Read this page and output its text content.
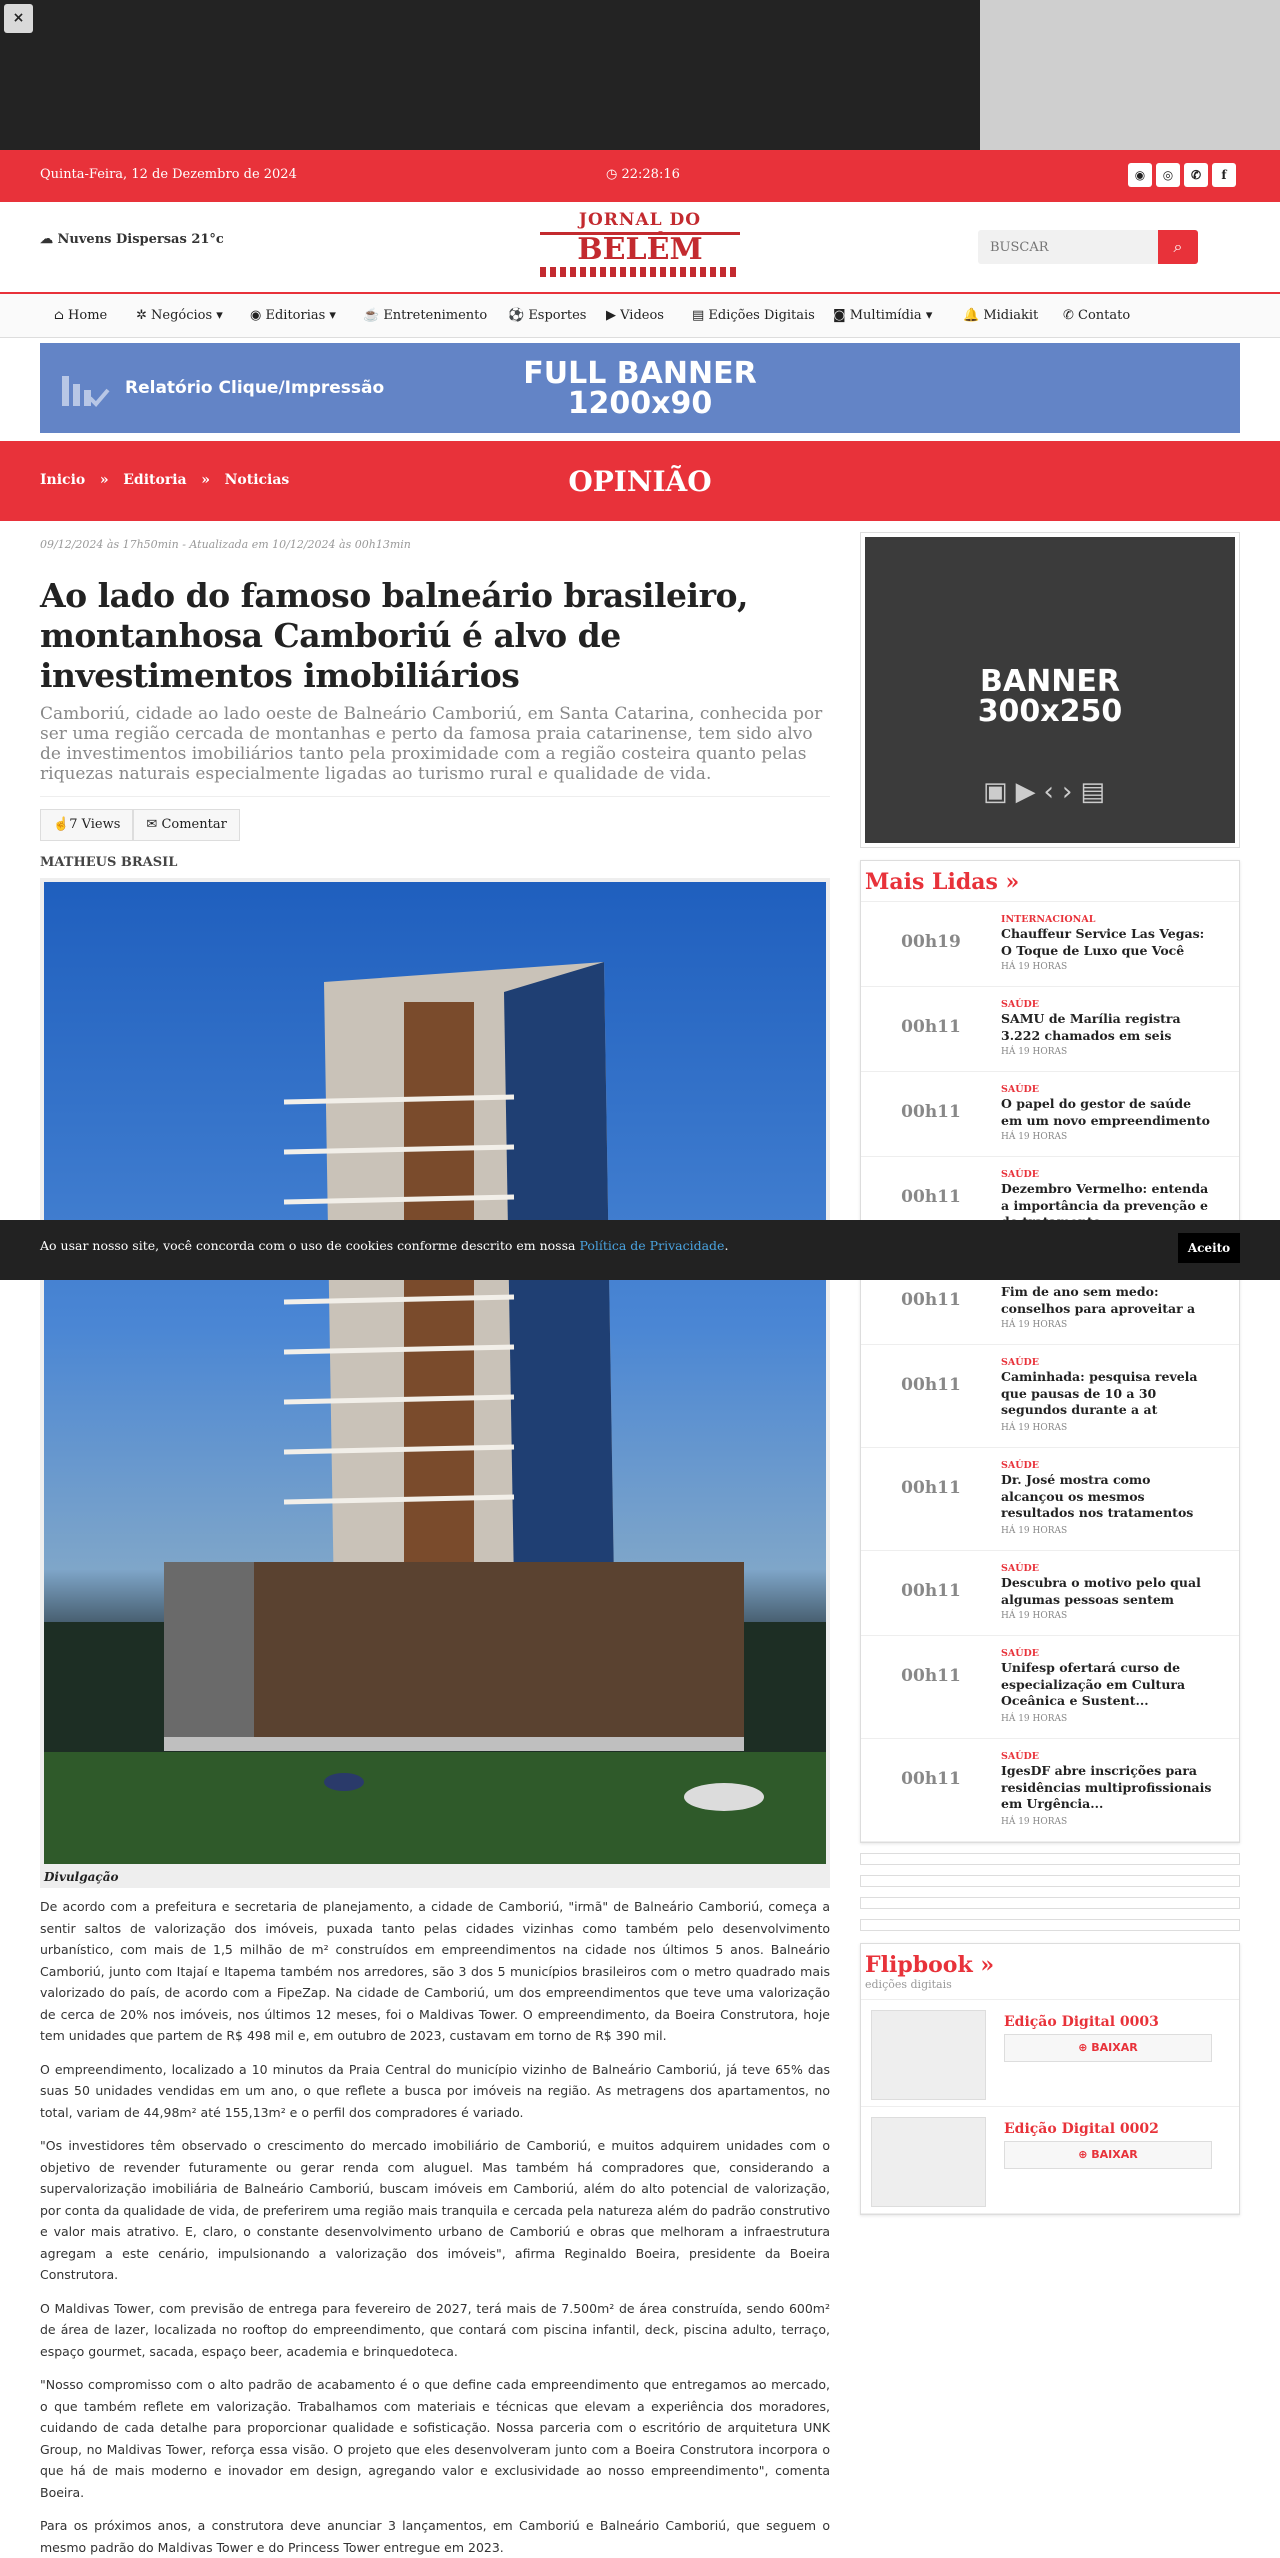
×
Quinta-Feira, 12 de Dezembro de 2024	◷ 22:28:16	◉	◎	✆	f
☁ Nuvens Dispersas 21°c
JORNAL DO
BELÉM
BUSCAR	⌕
⌂ Home ✲ Negócios ▾ ◉ Editorias ▾ ☕ Entretenimento ⚽ Esportes ▶ Videos ▤ Edições Digitais ◙ Multimídia ▾ 🔔 Midiakit ✆ Contato
Relatório Clique/Impressão	FULL BANNER
1200x90
Inicio   »   Editoria   »   Noticias	OPINIÃO
09/12/2024 às 17h50min - Atualizada em 10/12/2024 às 00h13min
Ao lado do famoso balneário brasileiro, montanhosa Camboriú é alvo de investimentos imobiliários
Camboriú, cidade ao lado oeste de Balneário Camboriú, em Santa Catarina, conhecida por ser uma região cercada de montanhas e perto da famosa praia catarinense, tem sido alvo de investimentos imobiliários tanto pela proximidade com a região costeira quanto pelas riquezas naturais especialmente ligadas ao turismo rural e qualidade de vida.
☝7 Views	✉ Comentar
MATHEUS BRASIL
Divulgação

De acordo com a prefeitura e secretaria de planejamento, a cidade de Camboriú, "irmã" de Balneário Camboriú, começa a sentir saltos de valorização dos imóveis, puxada tanto pelas cidades vizinhas como também pelo desenvolvimento urbanístico, com mais de 1,5 milhão de m² construídos em empreendimentos na cidade nos últimos 5 anos. Balneário Camboriú, junto com Itajaí e Itapema também nos arredores, são 3 dos 5 municípios brasileiros com o metro quadrado mais valorizado do país, de acordo com a FipeZap. Na cidade de Camboriú, um dos empreendimentos que teve uma valorização de cerca de 20% nos imóveis, nos últimos 12 meses, foi o Maldivas Tower. O empreendimento, da Boeira Construtora, hoje tem unidades que partem de R$ 498 mil e, em outubro de 2023, custavam em torno de R$ 390 mil.

O empreendimento, localizado a 10 minutos da Praia Central do município vizinho de Balneário Camboriú, já teve 65% das suas 50 unidades vendidas em um ano, o que reflete a busca por imóveis na região. As metragens dos apartamentos, no total, variam de 44,98m² até 155,13m² e o perfil dos compradores é variado.

"Os investidores têm observado o crescimento do mercado imobiliário de Camboriú, e muitos adquirem unidades com o objetivo de revender futuramente ou gerar renda com aluguel. Mas também há compradores que, considerando a supervalorização imobiliária de Balneário Camboriú, buscam imóveis em Camboriú, além do alto potencial de valorização, por conta da qualidade de vida, de preferirem uma região mais tranquila e cercada pela natureza além do padrão construtivo e valor mais atrativo. E, claro, o constante desenvolvimento urbano de Camboriú e obras que melhoram a infraestrutura agregam a este cenário, impulsionando a valorização dos imóveis", afirma Reginaldo Boeira, presidente da Boeira Construtora.

O Maldivas Tower, com previsão de entrega para fevereiro de 2027, terá mais de 7.500m² de área construída, sendo 600m² de área de lazer, localizada no rooftop do empreendimento, que contará com piscina infantil, deck, piscina adulto, terraço, espaço gourmet, sacada, espaço beer, academia e brinquedoteca.

"Nosso compromisso com o alto padrão de acabamento é o que define cada empreendimento que entregamos ao mercado, o que também reflete em valorização. Trabalhamos com materiais e técnicas que elevam a experiência dos moradores, cuidando de cada detalhe para proporcionar qualidade e sofisticação. Nossa parceria com o escritório de arquitetura UNK Group, no Maldivas Tower, reforça essa visão. O projeto que eles desenvolveram junto com a Boeira Construtora incorpora o que há de mais moderno e inovador em design, agregando valor e exclusividade ao nosso empreendimento", comenta Boeira.

Para os próximos anos, a construtora deve anunciar 3 lançamentos, em Camboriú e Balneário Camboriú, que seguem o mesmo padrão do Maldivas Tower e do Princess Tower entregue em 2023.

BANNER
300x250
▣▶‹›▤
Mais Lidas »
00h19
INTERNACIONAL
Chauffeur Service Las Vegas: O Toque de Luxo que Você
HÁ 19 HORAS
00h11
SAÚDE
SAMU de Marília registra 3.222 chamados em seis
HÁ 19 HORAS
00h11
SAÚDE
O papel do gestor de saúde em um novo empreendimento
HÁ 19 HORAS
00h11
SAÚDE
Dezembro Vermelho: entenda a importância da prevenção e
00h11	Fim de ano sem medo: conselhos para aproveitar a
HÁ 19 HORAS
00h11
SAÚDE
Caminhada: pesquisa revela que pausas de 10 a 30 segundos durante a at
HÁ 19 HORAS
00h11
SAÚDE
Dr. José mostra como alcançou os mesmos resultados nos tratamentos
HÁ 19 HORAS
00h11
SAÚDE
Descubra o motivo pelo qual algumas pessoas sentem
HÁ 19 HORAS
00h11
SAÚDE
Unifesp ofertará curso de especialização em Cultura Oceânica e Sustent...
HÁ 19 HORAS
00h11
SAÚDE
IgesDF abre inscrições para residências multiprofissionais em Urgência...
HÁ 19 HORAS
Flipbook »
edições digitais
Edição Digital 0003
⊕ BAIXAR
Edição Digital 0002
⊕ BAIXAR
Ao usar nosso site, você concorda com o uso de cookies conforme descrito em nossa Política de Privacidade.	Aceito
